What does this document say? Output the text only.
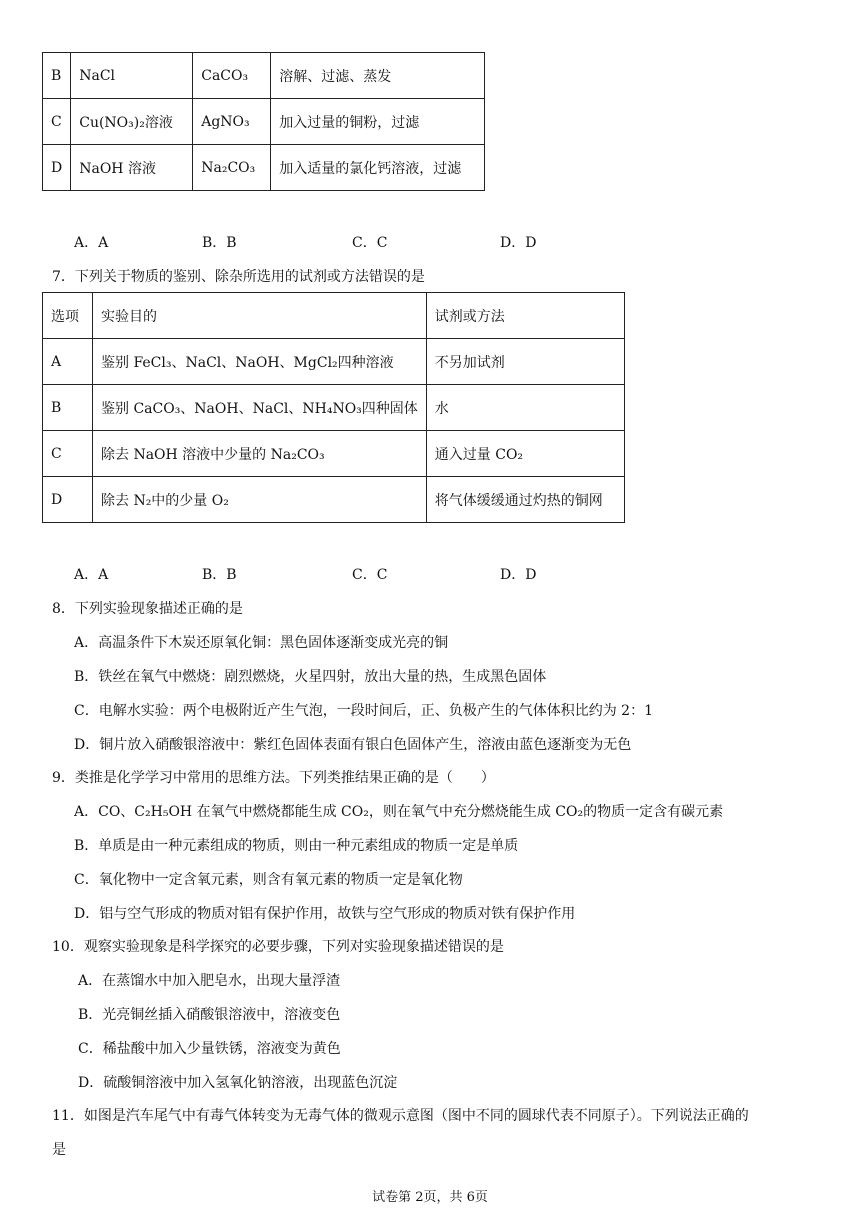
B	NaCl	CaCO₃	溶解、过滤、蒸发
C	Cu(NO₃)₂溶液	AgNO₃	加入过量的铜粉，过滤
D	NaOH 溶液	Na₂CO₃	加入适量的氯化钙溶液，过滤
A．A	B．B	C．C	D．D
7．下列关于物质的鉴别、除杂所选用的试剂或方法错误的是
选项	实验目的	试剂或方法
A	鉴别 FeCl₃、NaCl、NaOH、MgCl₂四种溶液	不另加试剂
B	鉴别 CaCO₃、NaOH、NaCl、NH₄NO₃四种固体	水
C	除去 NaOH 溶液中少量的 Na₂CO₃	通入过量 CO₂
D	除去 N₂中的少量 O₂	将气体缓缓通过灼热的铜网
A．A	B．B	C．C	D．D
8．下列实验现象描述正确的是
A．高温条件下木炭还原氧化铜：黑色固体逐渐变成光亮的铜
B．铁丝在氧气中燃烧：剧烈燃烧，火星四射，放出大量的热，生成黑色固体
C．电解水实验：两个电极附近产生气泡，一段时间后，正、负极产生的气体体积比约为 2：1
D．铜片放入硝酸银溶液中：紫红色固体表面有银白色固体产生，溶液由蓝色逐渐变为无色
9．类推是化学学习中常用的思维方法。下列类推结果正确的是（　　）
A．CO、C₂H₅OH 在氧气中燃烧都能生成 CO₂，则在氧气中充分燃烧能生成 CO₂的物质一定含有碳元素
B．单质是由一种元素组成的物质，则由一种元素组成的物质一定是单质
C．氧化物中一定含氧元素，则含有氧元素的物质一定是氧化物
D．铝与空气形成的物质对铝有保护作用，故铁与空气形成的物质对铁有保护作用
10．观察实验现象是科学探究的必要步骤，下列对实验现象描述错误的是
A．在蒸馏水中加入肥皂水，出现大量浮渣
B．光亮铜丝插入硝酸银溶液中，溶液变色
C．稀盐酸中加入少量铁锈，溶液变为黄色
D．硫酸铜溶液中加入氢氧化钠溶液，出现蓝色沉淀
11．如图是汽车尾气中有毒气体转变为无毒气体的微观示意图（图中不同的圆球代表不同原子）。下列说法正确的
是
试卷第 2页，共 6页
